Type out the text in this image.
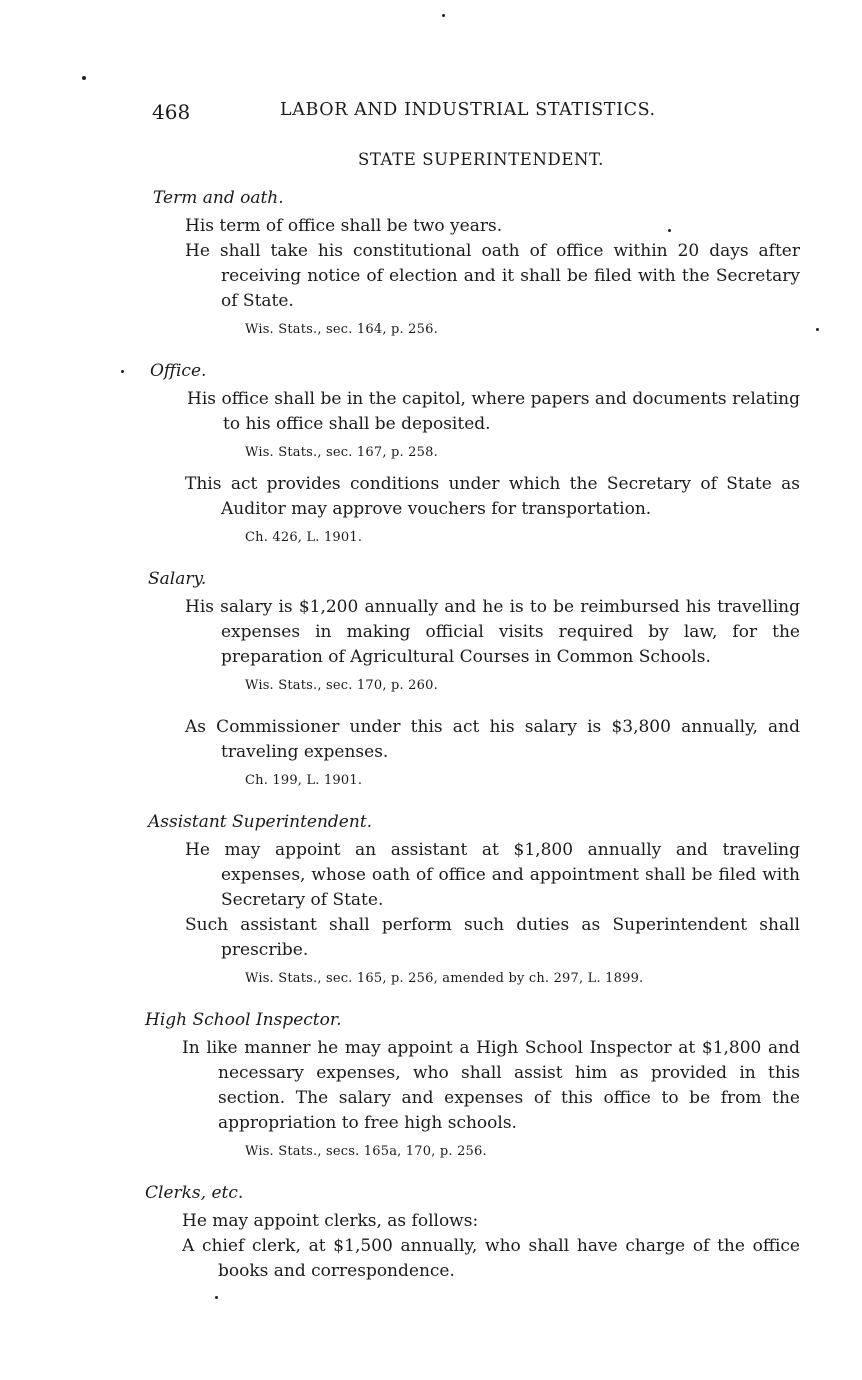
468	LABOR AND INDUSTRIAL STATISTICS.
STATE SUPERINTENDENT.
Term and oath.
His term of office shall be two years.
He shall take his constitutional oath of office within 20 days after receiving notice of election and it shall be filed with the Secretary of State.
Wis. Stats., sec. 164, p. 256.
Office.
His office shall be in the capitol, where papers and documents relating to his office shall be deposited.
Wis. Stats., sec. 167, p. 258.
This act provides conditions under which the Secretary of State as Auditor may approve vouchers for transportation.
Ch. 426, L. 1901.
Salary.
His salary is $1,200 annually and he is to be reimbursed his travelling expenses in making official visits required by law, for the preparation of Agricultural Courses in Common Schools.
Wis. Stats., sec. 170, p. 260.
As Commissioner under this act his salary is $3,800 annually, and traveling expenses.
Ch. 199, L. 1901.
Assistant Superintendent.
He may appoint an assistant at $1,800 annually and traveling expenses, whose oath of office and appointment shall be filed with Secretary of State.
Such assistant shall perform such duties as Superintendent shall prescribe.
Wis. Stats., sec. 165, p. 256, amended by ch. 297, L. 1899.
High School Inspector.
In like manner he may appoint a High School Inspector at $1,800 and necessary expenses, who shall assist him as provided in this section. The salary and expenses of this office to be from the appropriation to free high schools.
Wis. Stats., secs. 165a, 170, p. 256.
Clerks, etc.
He may appoint clerks, as follows:
A chief clerk, at $1,500 annually, who shall have charge of the office books and correspondence.
